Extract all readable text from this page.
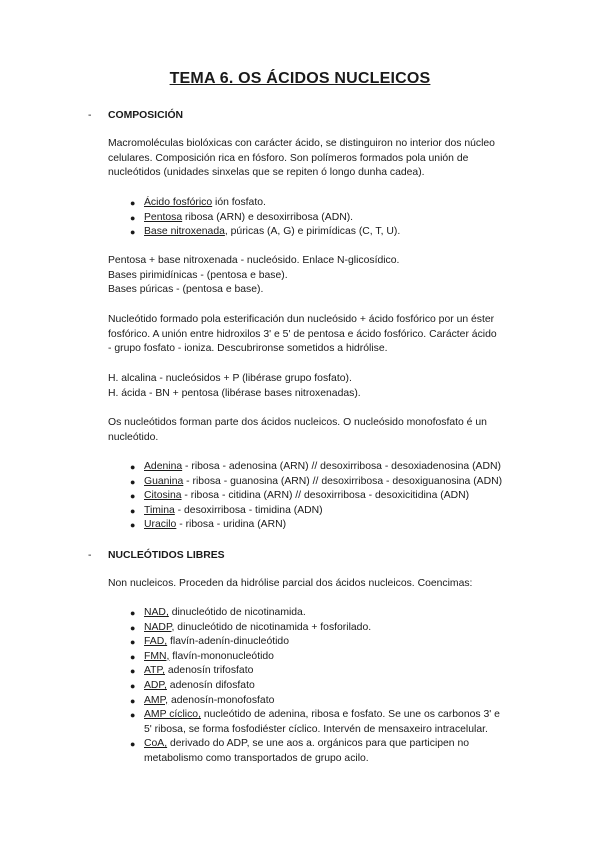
TEMA 6. OS ÁCIDOS NUCLEICOS
- COMPOSICIÓN

Macromoléculas biolóxicas con carácter ácido, se distinguiron no interior dos núcleo
celulares. Composición rica en fósforo. Son polímeros formados pola unión de
nucleótidos (unidades sinxelas que se repiten ó longo dunha cadea).

● Ácido fosfórico ión fosfato.
● Pentosa ribosa (ARN) e desoxirribosa (ADN).
● Base nitroxenada, púricas (A, G) e pirimídicas (C, T, U).

Pentosa + base nitroxenada - nucleósido. Enlace N-glicosídico.
Bases pirimidínicas - (pentosa e base).
Bases púricas - (pentosa e base).

Nucleótido formado pola esterificación dun nucleósido + ácido fosfórico por un éster
fosfórico. A unión entre hidroxilos 3' e 5' de pentosa e ácido fosfórico. Carácter ácido
- grupo fosfato - ioniza. Descubrironse sometidos a hidrólise.

H. alcalina - nucleósidos + P (libérase grupo fosfato).
H. ácida - BN + pentosa (libérase bases nitroxenadas).

Os nucleótidos forman parte dos ácidos nucleicos. O nucleósido monofosfato é un
nucleótido.

● Adenina - ribosa - adenosina (ARN) // desoxirribosa - desoxiadenosina (ADN)
● Guanina - ribosa - guanosina (ARN) // desoxirribosa - desoxiguanosina (ADN)
● Citosina - ribosa - citidina (ARN) // desoxirribosa - desoxicitidina (ADN)
● Timina - desoxirribosa - timidina (ADN)
● Uracilo - ribosa - uridina (ARN)
- NUCLEÓTIDOS LIBRES

Non nucleicos. Proceden da hidrólise parcial dos ácidos nucleicos. Coencimas:

● NAD, dinucleótido de nicotinamida.
● NADP, dinucleótido de nicotinamida + fosforilado.
● FAD, flavín-adenín-dinucleótido
● FMN, flavín-mononucleótido
● ATP, adenosín trifosfato
● ADP, adenosín difosfato
● AMP, adenosín-monofosfato
● AMP cíclico, nucleótido de adenina, ribosa e fosfato. Se une os carbonos 3' e
5' ribosa, se forma fosfodiéster cíclico. Intervén de mensaxeiro intracelular.
● CoA, derivado do ADP, se une aos a. orgánicos para que participen no
metabolismo como transportados de grupo acilo.
